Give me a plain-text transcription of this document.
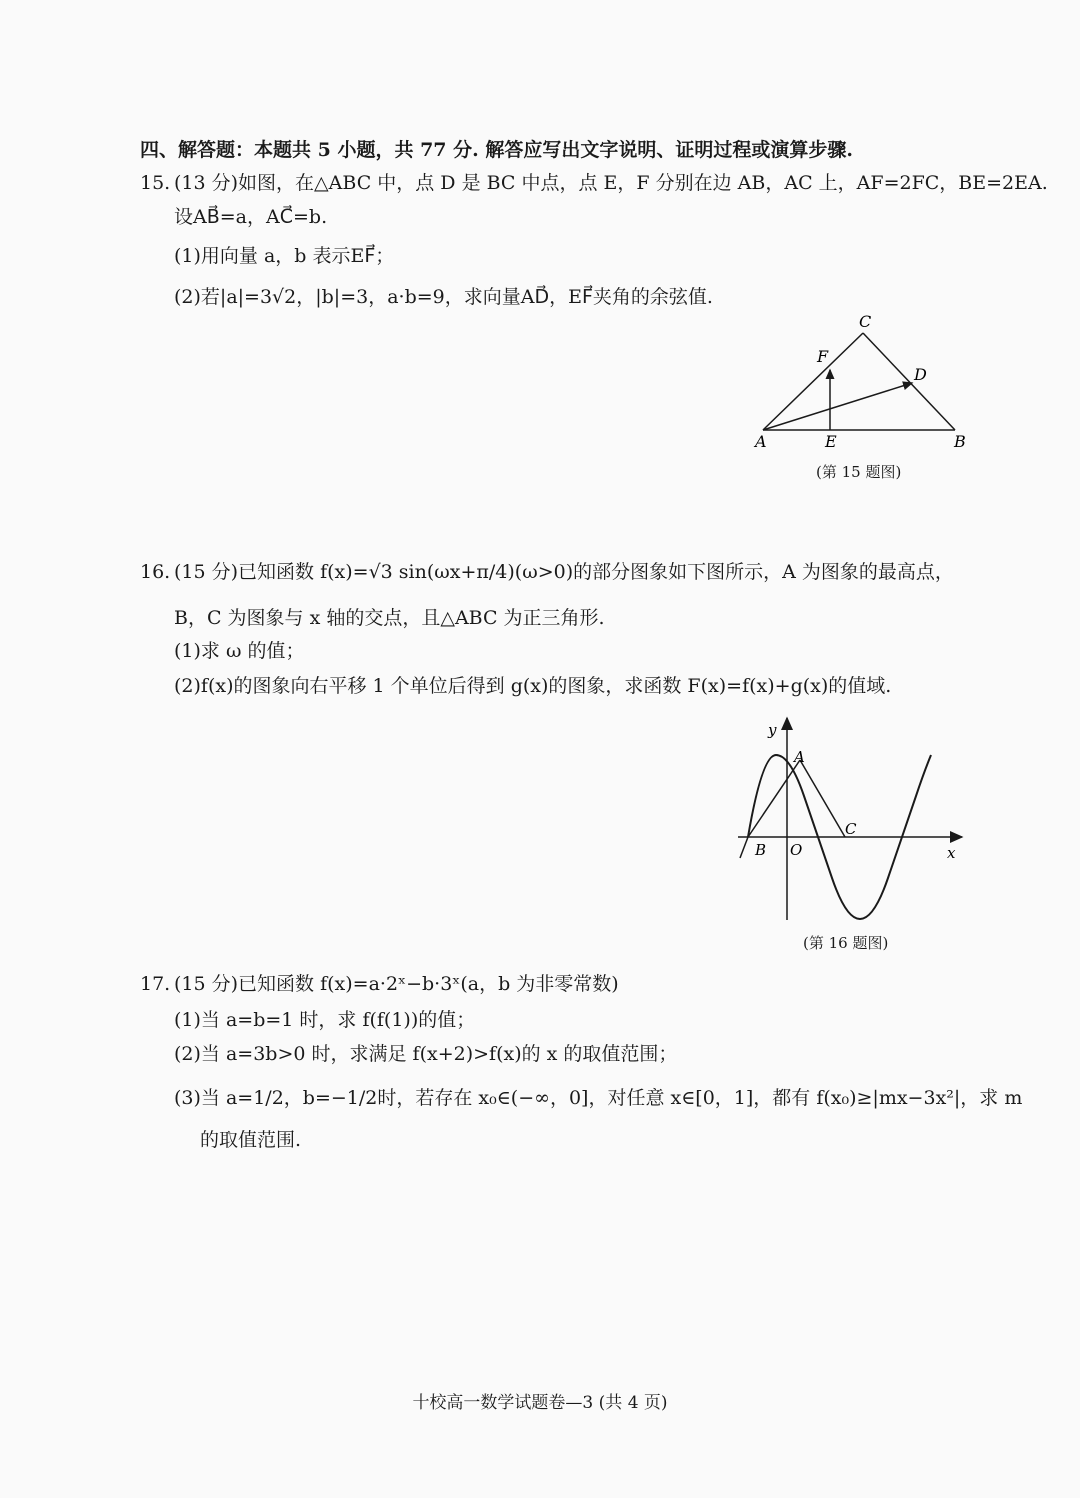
四、解答题：本题共 5 小题，共 77 分. 解答应写出文字说明、证明过程或演算步骤.
15. (13 分)如图，在△ABC 中，点 D 是 BC 中点，点 E，F 分别在边 AB，AC 上，AF=2FC，BE=2EA.
设AB⃗=a，AC⃗=b.
(1)用向量 a，b 表示EF⃗；
(2)若|a|=3√2，|b|=3，a·b=9，求向量AD⃗，EF⃗夹角的余弦值.
C
F
D
A	E	B
(第 15 题图)
16. (15 分)已知函数 f(x)=√3 sin(ωx+π/4)(ω>0)的部分图象如下图所示，A 为图象的最高点，
B，C 为图象与 x 轴的交点，且△ABC 为正三角形.
(1)求 ω 的值；
(2)f(x)的图象向右平移 1 个单位后得到 g(x)的图象，求函数 F(x)=f(x)+g(x)的值域.
y
A
C
B O	x
(第 16 题图)
17. (15 分)已知函数 f(x)=a·2ˣ−b·3ˣ(a，b 为非零常数)
(1)当 a=b=1 时，求 f(f(1))的值；
(2)当 a=3b>0 时，求满足 f(x+2)>f(x)的 x 的取值范围；
(3)当 a=1/2，b=−1/2时，若存在 x₀∈(−∞，0]，对任意 x∈[0，1]，都有 f(x₀)≥|mx−3x²|，求 m
的取值范围.
十校高一数学试题卷—3 (共 4 页)
